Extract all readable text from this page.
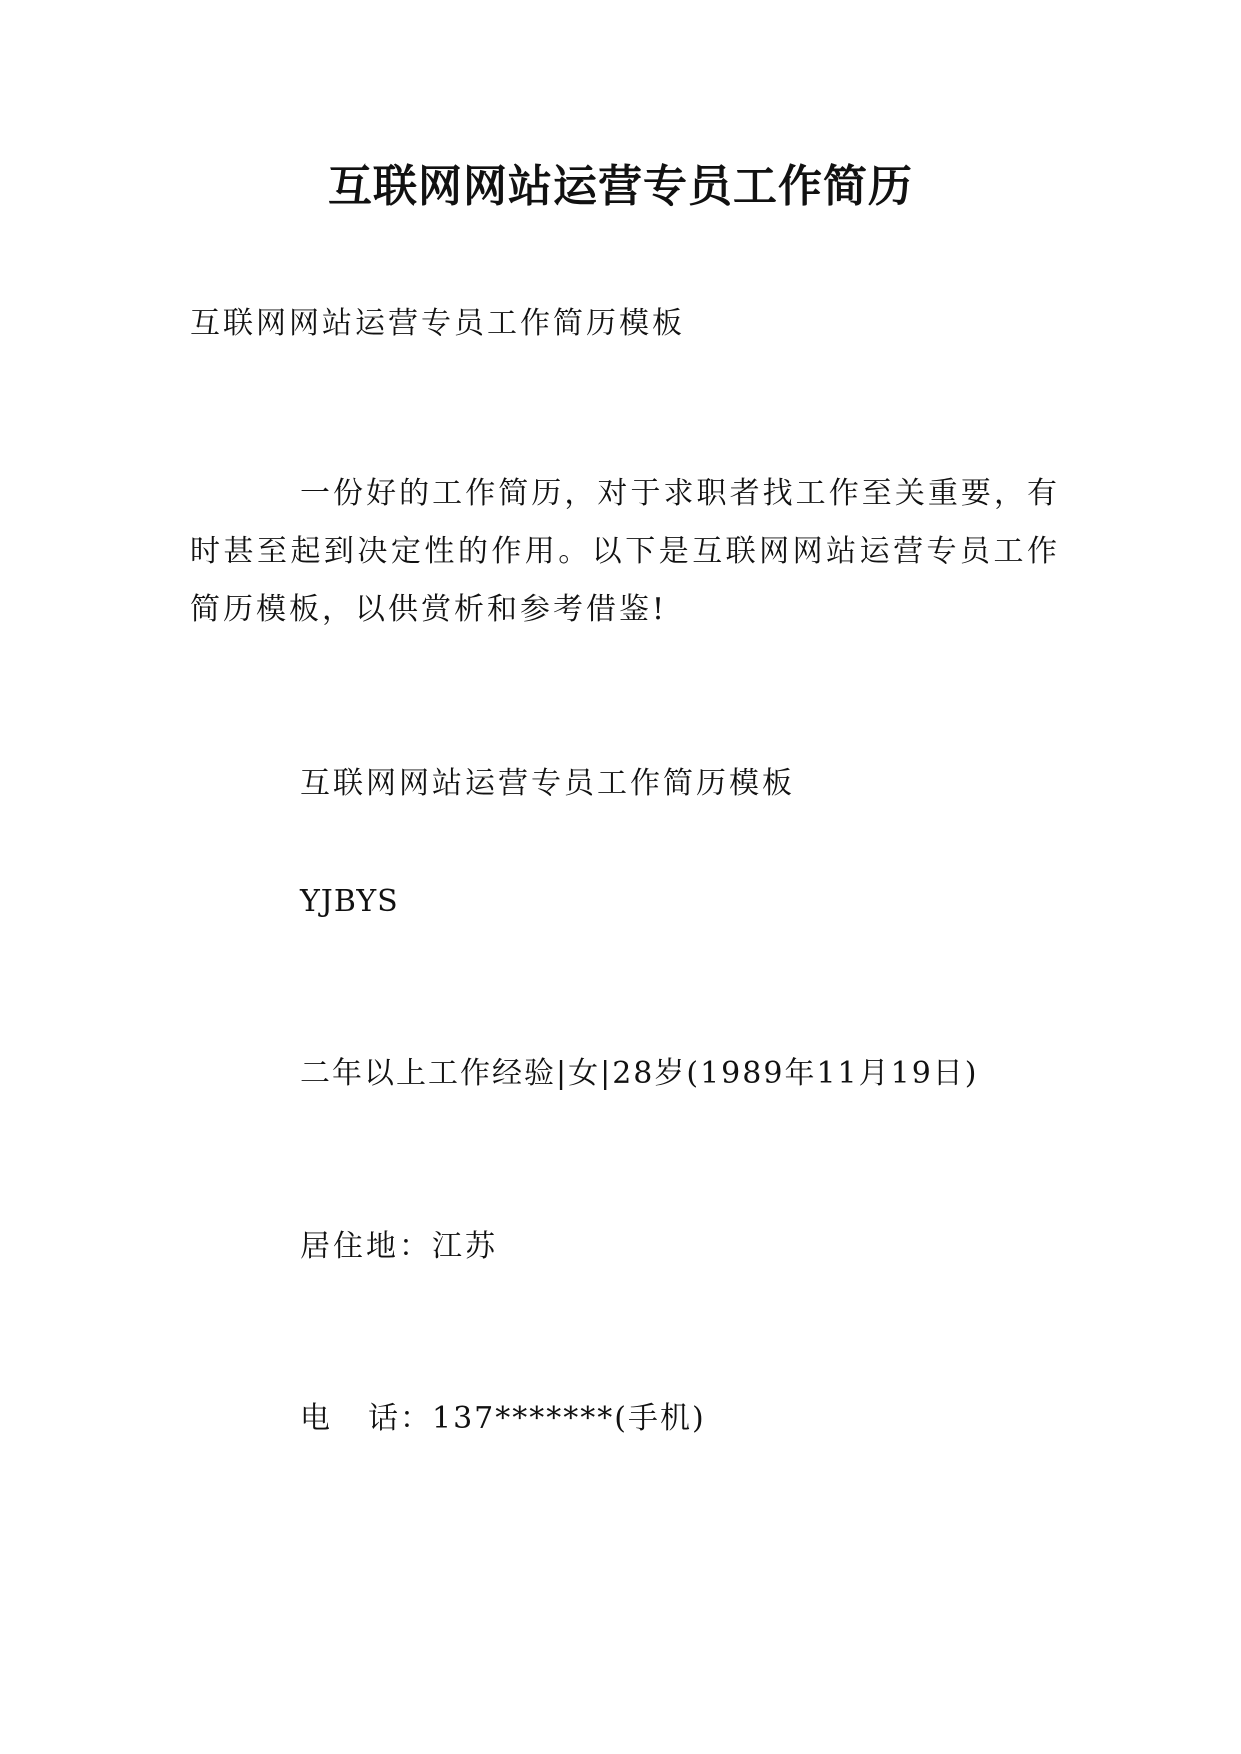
互联网网站运营专员工作简历
互联网网站运营专员工作简历模板
一份好的工作简历，对于求职者找工作至关重要，有时甚至起到决定性的作用。以下是互联网网站运营专员工作简历模板，以供赏析和参考借鉴!
互联网网站运营专员工作简历模板
YJBYS
二年以上工作经验|女|28岁(1989年11月19日)
居住地：江苏
电 话：137*******(手机)
